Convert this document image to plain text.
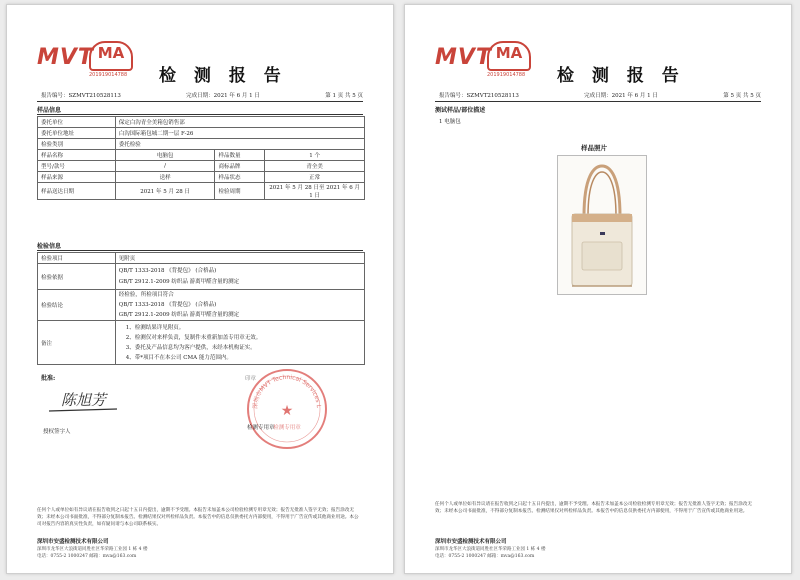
MVT MA
201919014788 检 测 报 告
报告编号：SZMVT210528113	完成日期：2021 年 6 月 1 日	第 1 页 共 5 页
样品信息
委托单位	保定白沟青全美箱包销售部		
委托单位地址	白沟国际箱包城二期一层 F-26		
检验类别	委托检验		
样品名称	电脑包	样品数量	1 个
型号/款号	/	商标品牌	青全美
样品来源	送样	样品状态	正常
样品送达日期	2021 年 5 月 28 日	检验周期	2021 年 5 月 28 日至 2021 年 6 月 1 日
检验信息
检验项目	见附页
检验依据	QB/T 1333-2018 《背提包》 (合格品)
GB/T 2912.1-2009 纺织品 游离甲醛含量的测定

检验结论	经检验，所检项目符合
QB/T 1333-2018 《背提包》 (合格品)
GB/T 2912.1-2009 纺织品 游离甲醛含量的测定

备注	1、检测结果详见附页。
2、检测仅对来样负责，复制件未重新加盖专用章无效。
3、委托及产品信息均为客户提供，未经本机构证实。
4、带*项目不在本公司 CMA 能力范围内。
批准:
陈旭芳
授权签字人
印章
深圳市MVT Technical Services L
★
检测专用章
检测专用章
任何个人或单位如有异议请在报告收到之日起十五日内提出，逾期不予受理。本报告未加盖本公司检验检测专用章无效；报告无批准人签字无效；报告涂改无效；未经本公司书面批准，不得部分复制本报告。检测结果仅对所检样品负责。本报告中的信息仅供委托方内部使用，不得用于广告宣传或其他商业用途。本公司对报告内容的真实性负责，如有疑问请与本公司联系核实。
深圳市安盛检测技术有限公司
深圳市龙华区大浪街道同胜社区华荣路工业园 1 栋 4 楼
电话：0755-2 1000247 邮箱：mva@163.com
MVT MA
201919014788 检 测 报 告
报告编号：SZMVT210528113	完成日期：2021 年 6 月 1 日	第 5 页 共 5 页
测试样品/部位描述
1 电脑包
样品照片
任何个人或单位如有异议请在报告收到之日起十五日内提出，逾期不予受理。本报告未加盖本公司检验检测专用章无效；报告无批准人签字无效；报告涂改无效；未经本公司书面批准，不得部分复制本报告。检测结果仅对所检样品负责。本报告中的信息仅供委托方内部使用，不得用于广告宣传或其他商业用途。
深圳市安盛检测技术有限公司
深圳市龙华区大浪街道同胜社区华荣路工业园 1 栋 4 楼
电话：0755-2 1000247 邮箱：mva@163.com
